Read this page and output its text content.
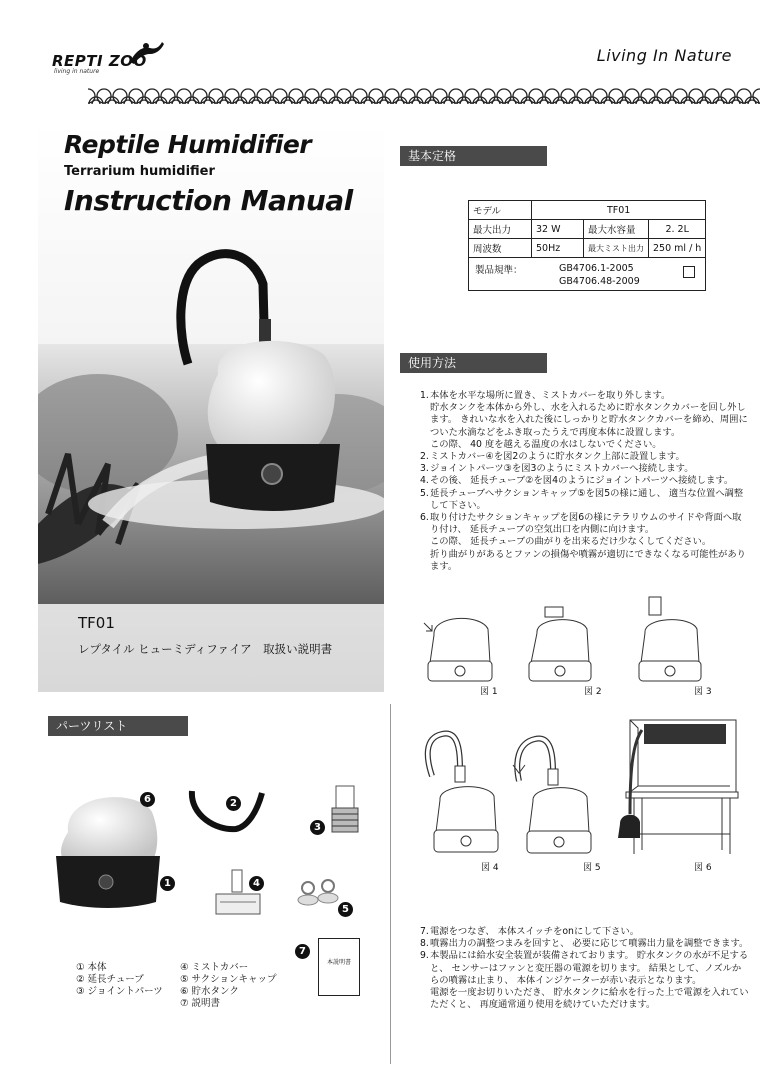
REPTI ZOO
living in nature
Living In Nature
Reptile Humidifier
Terrarium humidifier
Instruction Manual
TF01
レプタイル ヒューミディファイア　取扱い説明書
基本定格
モデル	TF01		
最大出力	32 W	最大水容量	2. 2L
周波数	50Hz	最大ミスト出力	250 ml / h

製品規準： GB4706.1-2005
GB4706.48-2009			
使用方法
1. 本体を水平な場所に置き、ミストカバーを取り外します。
貯水タンクを本体から外し、水を入れるために貯水タンクカバーを回し外します。 きれいな水を入れた後にしっかりと貯水タンクカバーを締め、周囲についた水滴などをふき取ったうえで再度本体に設置します。
この際、 40 度を越える温度の水はしないでください。
2. ミストカバー④を図2のように貯水タンク上部に設置します。
3. ジョイントパーツ③を図3のようにミストカバーへ接続します。
4. その後、 延長チューブ②を図4のようにジョイントパーツへ接続します。
5. 延長チューブへサクションキャップ⑤を図5の様に通し、 適当な位置へ調整して下さい。
6. 取り付けたサクションキャップを図6の様にテラリウムのサイドや背面へ取り付け、 延長チューブの空気出口を内側に向けます。
この際、 延長チューブの曲がりを出来るだけ少なくしてください。
折り曲がりがあるとファンの損傷や噴霧が適切にできなくなる可能性があります。
図 1	図 2	図 3
図 4	図 5	図 6
7. 電源をつなぎ、 本体スイッチをonにして下さい。
8. 噴霧出力の調整つまみを回すと、 必要に応じて噴霧出力量を調整できます。
9. 本製品には給水安全装置が装備されております。 貯水タンクの水が不足すると、 センサーはファンと変圧器の電源を切ります。 結果として、ノズルからの噴霧は止まり、 本体インジケーターが赤い表示となります。
電源を一度お切りいただき、 貯水タンクに給水を行った上で電源を入れていただくと、 再度通常通り使用を続けていただけます。
パーツリスト
6
1
2
3
4
5
7
本説明書
① 本体
② 延長チューブ
③ ジョイントパーツ
④ ミストカバー
⑤ サクションキャップ
⑥ 貯水タンク
⑦ 説明書
